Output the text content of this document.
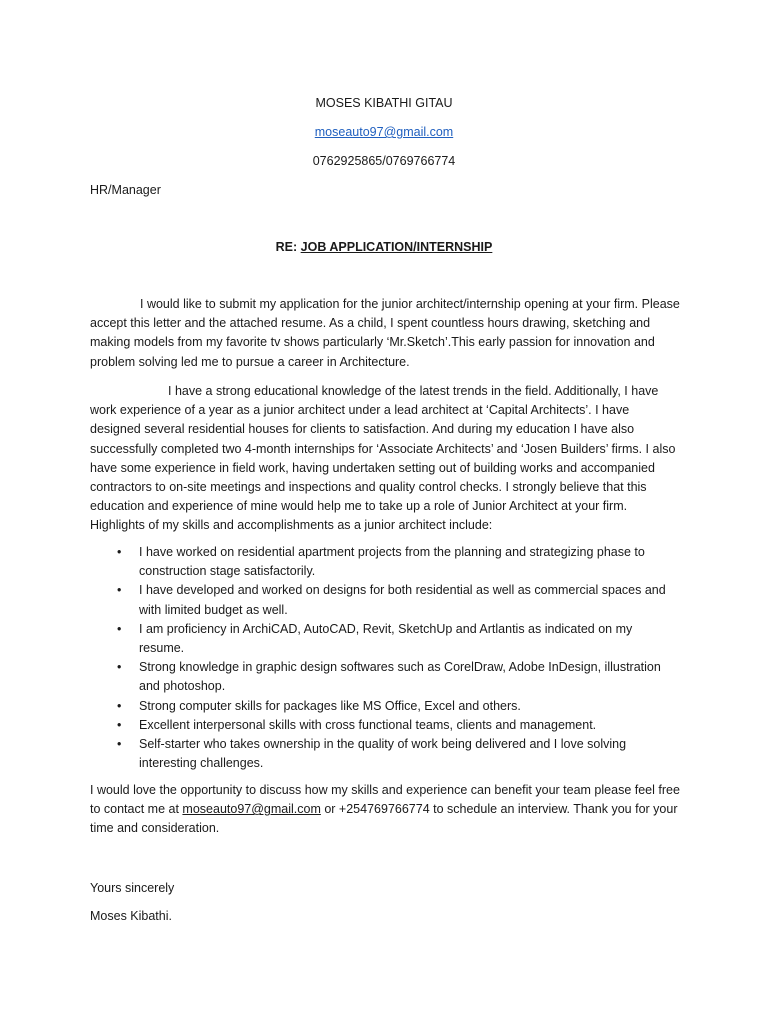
MOSES KIBATHI GITAU
moseauto97@gmail.com
0762925865/0769766774
HR/Manager
RE: JOB APPLICATION/INTERNSHIP

I would like to submit my application for the junior architect/internship opening at your firm. Please accept this letter and the attached resume. As a child, I spent countless hours drawing, sketching and making models from my favorite tv shows particularly ‘Mr.Sketch’.This early passion for innovation and problem solving led me to pursue a career in Architecture.

I have a strong educational knowledge of the latest trends in the field. Additionally, I have work experience of a year as a junior architect under a lead architect at ‘Capital Architects’. I have designed several residential houses for clients to satisfaction. And during my education I have also successfully completed two 4-month internships for ‘Associate Architects’ and ‘Josen Builders’ firms. I also have some experience in field work, having undertaken setting out of building works and accompanied contractors to on-site meetings and inspections and quality control checks. I strongly believe that this education and experience of mine would help me to take up a role of Junior Architect at your firm. Highlights of my skills and accomplishments as a junior architect include:

• I have worked on residential apartment projects from the planning and strategizing phase to construction stage satisfactorily.
• I have developed and worked on designs for both residential as well as commercial spaces and with limited budget as well.
• I am proficiency in ArchiCAD, AutoCAD, Revit, SketchUp and Artlantis as indicated on my resume.
• Strong knowledge in graphic design softwares such as CorelDraw, Adobe InDesign, illustration and photoshop.
• Strong computer skills for packages like MS Office, Excel and others.
• Excellent interpersonal skills with cross functional teams, clients and management.
• Self-starter who takes ownership in the quality of work being delivered and I love solving interesting challenges.

I would love the opportunity to discuss how my skills and experience can benefit your team please feel free to contact me at moseauto97@gmail.com or +254769766774 to schedule an interview. Thank you for your time and consideration.

Yours sincerely
Moses Kibathi.
